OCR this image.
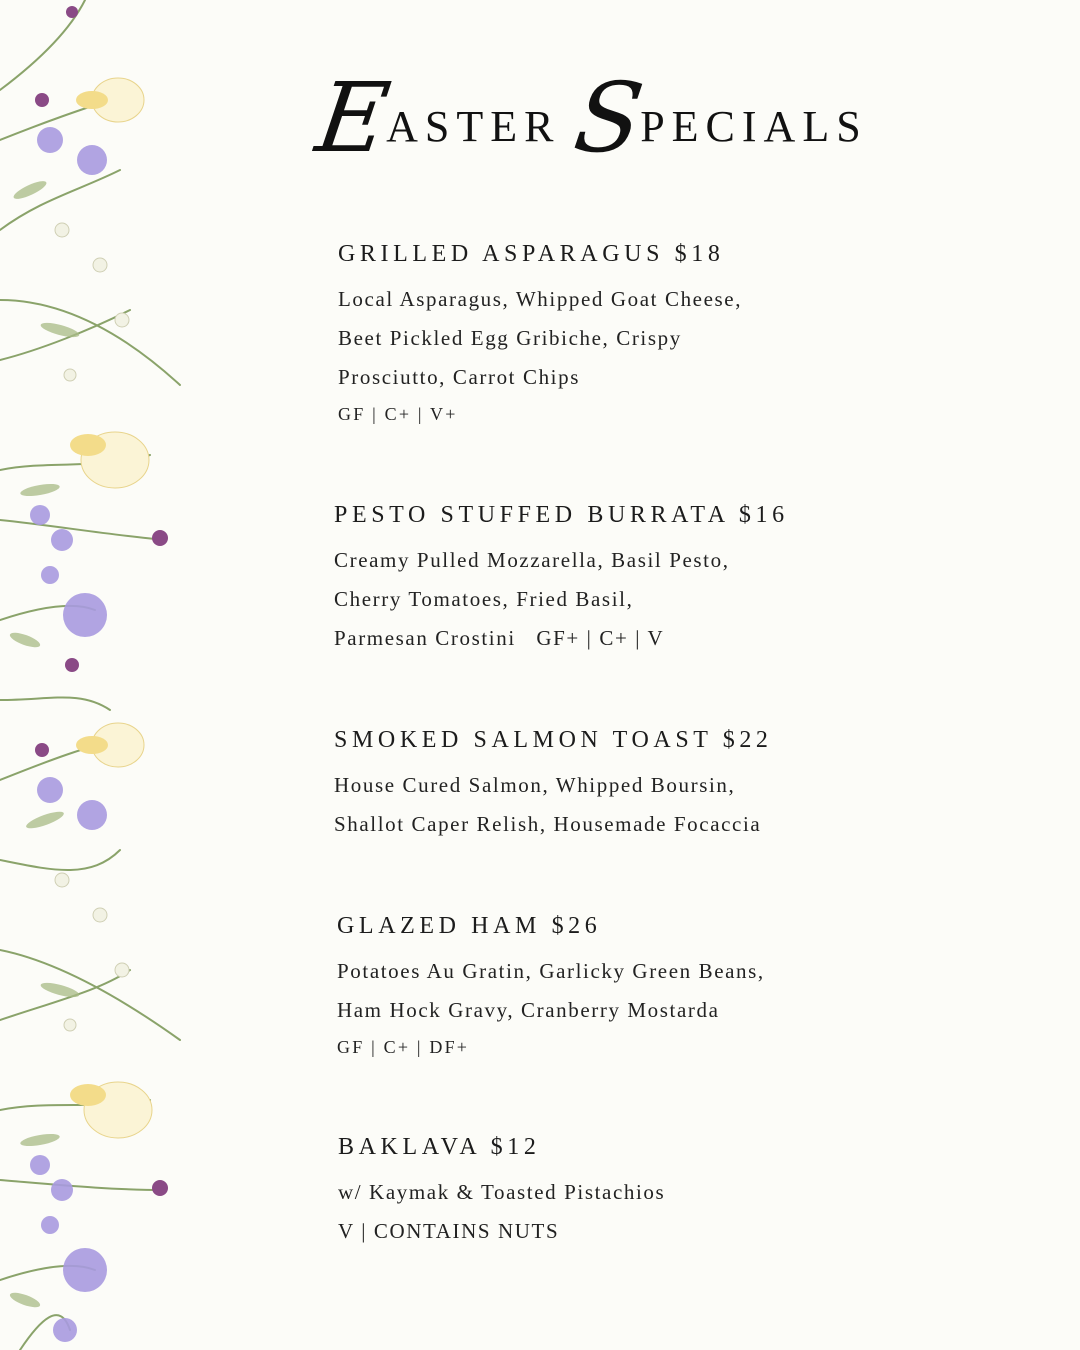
EASTERSPECIALS
GRILLED ASPARAGUS $18
Local Asparagus, Whipped Goat Cheese,
Beet Pickled Egg Gribiche, Crispy
Prosciutto, Carrot Chips
GF | C+ | V+
PESTO STUFFED BURRATA $16
Creamy Pulled Mozzarella, Basil Pesto,
Cherry Tomatoes, Fried Basil,
Parmesan Crostini GF+ | C+ | V
SMOKED SALMON TOAST $22
House Cured Salmon, Whipped Boursin,
Shallot Caper Relish, Housemade Focaccia
GLAZED HAM $26
Potatoes Au Gratin, Garlicky Green Beans,
Ham Hock Gravy, Cranberry Mostarda
GF | C+ | DF+
BAKLAVA $12
w/ Kaymak & Toasted Pistachios
V | CONTAINS NUTS
